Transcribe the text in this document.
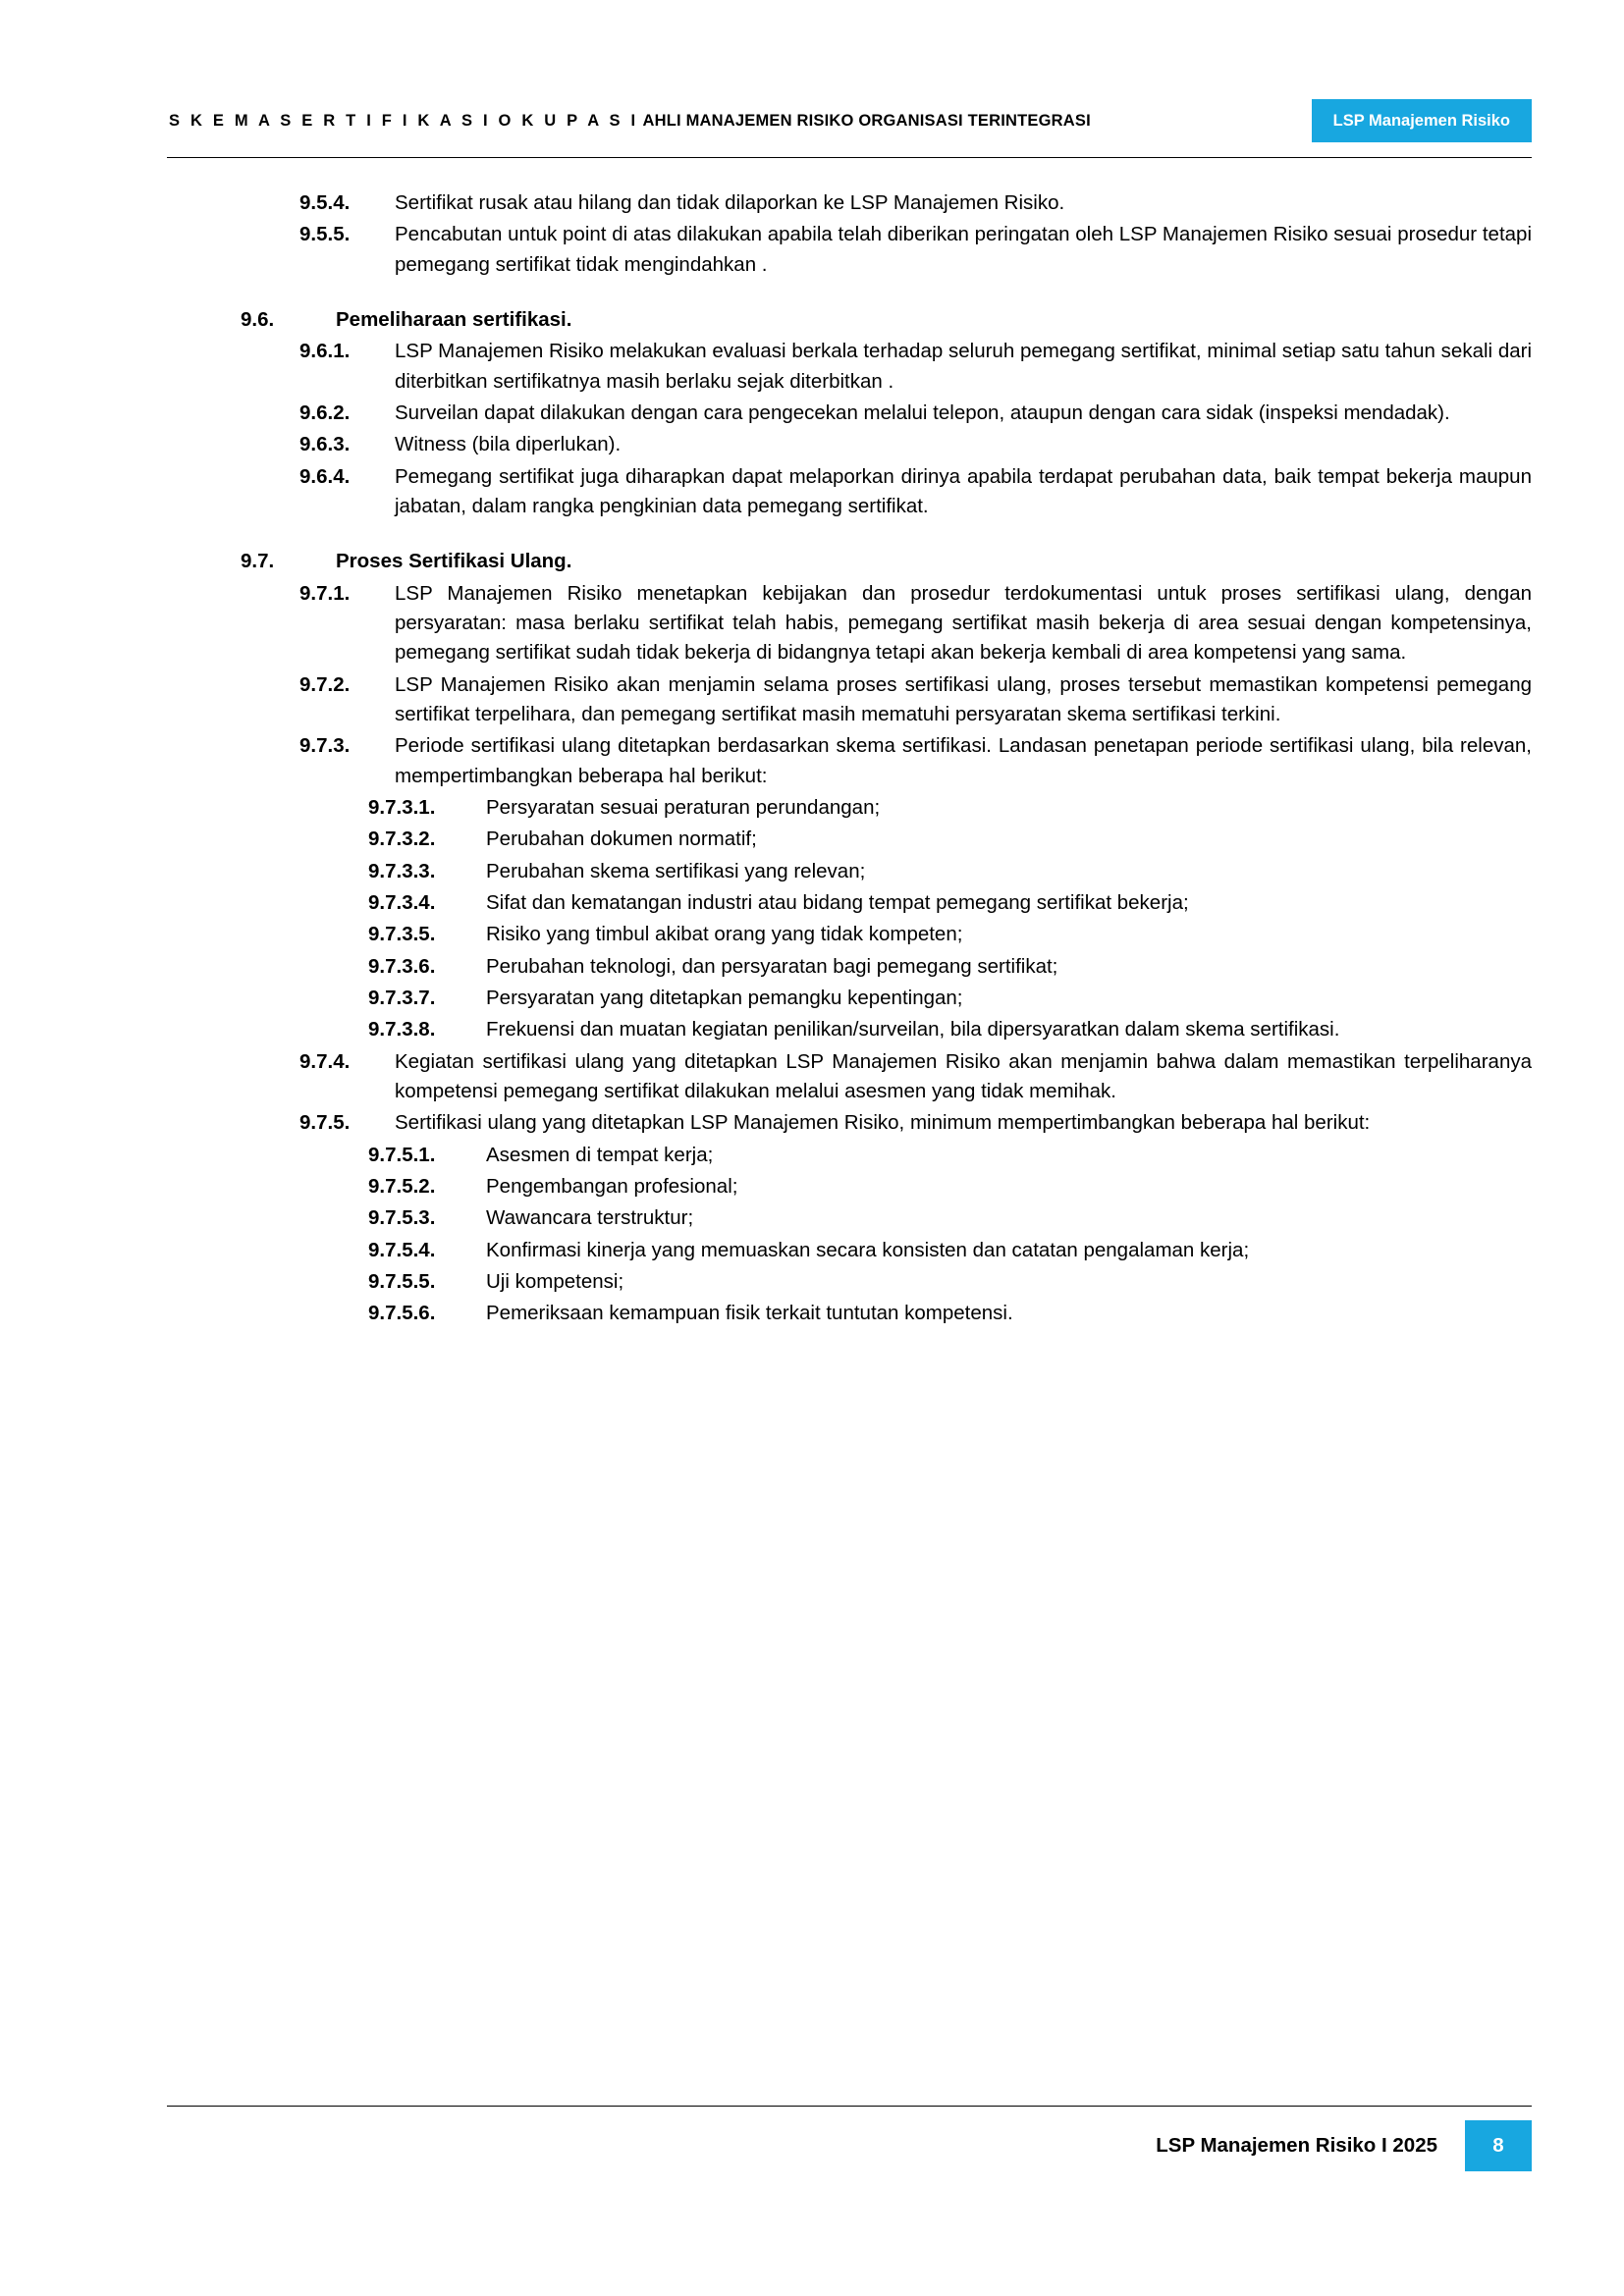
S K E M A S E R T I F I K A S I O K U P A S I AHLI MANAJEMEN RISIKO ORGANISASI TERINTEGRASI	LSP Manajemen Risiko
9.5.4.	Sertifikat rusak atau hilang dan tidak dilaporkan ke LSP Manajemen Risiko.
9.5.5.	Pencabutan untuk point di atas dilakukan apabila telah diberikan peringatan oleh LSP Manajemen Risiko sesuai prosedur tetapi pemegang sertifikat tidak mengindahkan .
9.6.	Pemeliharaan sertifikasi.
9.6.1.	LSP Manajemen Risiko melakukan evaluasi berkala terhadap seluruh pemegang sertifikat, minimal setiap satu tahun sekali dari diterbitkan sertifikatnya masih berlaku sejak diterbitkan .
9.6.2.	Surveilan dapat dilakukan dengan cara pengecekan melalui telepon, ataupun dengan cara sidak (inspeksi mendadak).
9.6.3.	Witness (bila diperlukan).
9.6.4.	Pemegang sertifikat juga diharapkan dapat melaporkan dirinya apabila terdapat perubahan data, baik tempat bekerja maupun jabatan, dalam rangka pengkinian data pemegang sertifikat.
9.7.	Proses Sertifikasi Ulang.
9.7.1.	LSP Manajemen Risiko menetapkan kebijakan dan prosedur terdokumentasi untuk proses sertifikasi ulang, dengan persyaratan: masa berlaku sertifikat telah habis, pemegang sertifikat masih bekerja di area sesuai dengan kompetensinya, pemegang sertifikat sudah tidak bekerja di bidangnya tetapi akan bekerja kembali di area kompetensi yang sama.
9.7.2.	LSP Manajemen Risiko akan menjamin selama proses sertifikasi ulang, proses tersebut memastikan kompetensi pemegang sertifikat terpelihara, dan pemegang sertifikat masih mematuhi persyaratan skema sertifikasi terkini.
9.7.3.	Periode sertifikasi ulang ditetapkan berdasarkan skema sertifikasi. Landasan penetapan periode sertifikasi ulang, bila relevan, mempertimbangkan beberapa hal berikut:
9.7.3.1.	Persyaratan sesuai peraturan perundangan;
9.7.3.2.	Perubahan dokumen normatif;
9.7.3.3.	Perubahan skema sertifikasi yang relevan;
9.7.3.4.	Sifat dan kematangan industri atau bidang tempat pemegang sertifikat bekerja;
9.7.3.5.	Risiko yang timbul akibat orang yang tidak kompeten;
9.7.3.6.	Perubahan teknologi, dan persyaratan bagi pemegang sertifikat;
9.7.3.7.	Persyaratan yang ditetapkan pemangku kepentingan;
9.7.3.8.	Frekuensi dan muatan kegiatan penilikan/surveilan, bila dipersyaratkan dalam skema sertifikasi.
9.7.4.	Kegiatan sertifikasi ulang yang ditetapkan LSP Manajemen Risiko akan menjamin bahwa dalam memastikan terpeliharanya kompetensi pemegang sertifikat dilakukan melalui asesmen yang tidak memihak.
9.7.5.	Sertifikasi ulang yang ditetapkan LSP Manajemen Risiko, minimum mempertimbangkan beberapa hal berikut:
9.7.5.1.	Asesmen di tempat kerja;
9.7.5.2.	Pengembangan profesional;
9.7.5.3.	Wawancara terstruktur;
9.7.5.4.	Konfirmasi kinerja yang memuaskan secara konsisten dan catatan pengalaman kerja;
9.7.5.5.	Uji kompetensi;
9.7.5.6.	Pemeriksaan kemampuan fisik terkait tuntutan kompetensi.
LSP Manajemen Risiko I 2025	8
